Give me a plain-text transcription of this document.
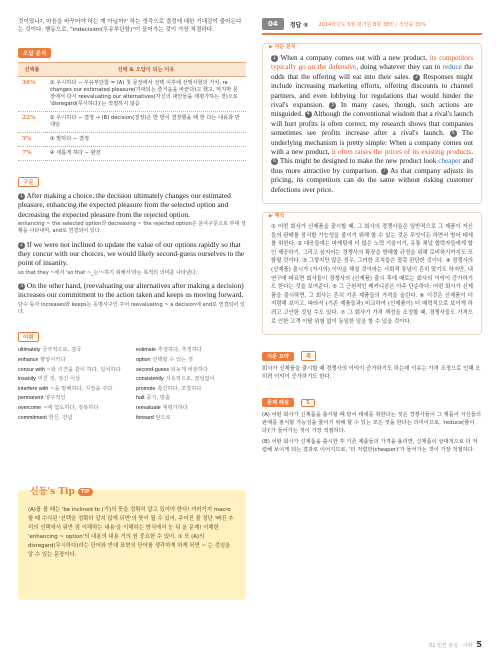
것이었나?, 마음을 바꾸어야 하는 게 아닐까?' 하는 생각으로 결정에 대한 기대감이 줄어든다는 것이다. 행동으로, "indecision(우유부단함)"이 들어가는 것이 가장 적절하다.

오답 분석
선택률	선택 & 오답이 되는 이유
36%	① 우시하다 − 우유부단함 = (A) 첫 문장에서 선택 이후에 선택사항의 가치, re changes our estimated pleasure(기대되는 즐거움을 바꾼다)고 했고, 마지막 문장에서 다시 reevaluating our alternatives(자신의 대안들을 재평가하는 것)으로 'disregard(무시하다)'는 적절하지 않음
22%	② 우시하다 − 결정 → (B) decision(결정)은 반 방이 결정했을 때 한 다는 내용과 반대임
5%	③ 발하다 − 결정
7%	④ 세롭게 하다 − 완전
구문

1 After making a choice, the decision ultimately changes our estimated pleasure, enhancing the expected pleasure from the selected option and decreasing the expected pleasure from the rejected option.

enhancing ~ the selected option과 decreasing ~ the rejected option은 분사구문으로 부대 상황을 나타내며, and로 연결되어 있다.

2 If we were not inclined to update the value of our options rapidly so that they concur with our choices, we would likely second-guess ourselves to the point of insanity.

so that they ~에서 'so that ~_는'~하기 위해서'라는 목적의 의미를 나타낸다.

3 On the other hand, (reevaluating our alternatives after making a decision) increases our commitment to the action taken and keeps us moving forward.

단수 동사 increases와 keeps는 동명사구인 주어 reevaluating ~ a decision에 and로 연결되어 있다.

어휘
ultimately 궁극적으로, 결국	estimate 추정하다, 추정하다
enhance 향상시키다	option 선택할 수 있는 것
concur with ~와 의견을 같이 하다, 일치하다	second-guess 뒤늦게 비판하다
insanity 미친 짓, 정신 이상	consistently 지속적으로, 끊임없이
interfere with ~을 방해하다, 지장을 주다	promote 촉진하다, 조장하다
permanent 영구적인	halt 중지, 멈춤
overcome ~에 압도하다, 정복하다	reevaluate 재평가하다
commitment 헌신, 전념	forward 앞으로
신동's Tip TIP

(A)를 볼 때는 'be inclined to (기)의 뜻을 정확히 알고 있어야 한다! 여러가지 macro 할 때 수식된 '선택을 정확히 알지 않게 되면'의 뜻이 될 수 있어, 주어진 볼 정단 '빠진 추리의 선택에서 위반 점 이해하는 내용'을 이해하는 방식에서 눈 뒤 올 문제! 이해한 'enhancing ~ option'의 내용의 내용 거의 원 중요한 수 있어. ① 또 (A)의 disregard(무시하다)라는 단어와 반대 표현의 단어를 생각하게 하게 되면 ~ 는 것임을 알 수 있는 문장이다.

04	정답 ⑤ 2014학년도 6월 평가원 B형 38번 / 정답률 35%
▶ 지문 분석

1 When a company comes out with a new product, its competitors typically go on the defensive, doing whatever they can to reduce the odds that the offering will eat into their sales. 2 Responses might include increasing marketing efforts, offering discounts to channel partners, and even lobbying for regulations that would hinder the rival's expansion. 3 In many cases, though, such actions are misguided. 4 Although the conventional wisdom that a rival's launch will hurt profits is often correct, my research shows that companies sometimes see profits increase after a rival's launch. 5 The underlying mechanism is pretty simple: When a company comes out with a new product, it often raises the prices of its existing products. 6 This might be designed to make the new product look cheaper and thus more attractive by comparison. 7 As that company adjusts its pricing, its competitors can do the same without risking customer defections over price.

▶ 해석

① 어떤 회사가 신제품을 출시할 때, 그 회사의 경쟁사들은 일반적으로 그 제품이 자신들의 판매를 잠식할 가능성을 줄이기 위해 할 수 있는 것은 무엇이든 하면서 방어 태세를 취한다. ② 대응들에는 마케팅에 더 많은 노력 기울이기, 유통 채널 협력자들에게 할인 제공하기, 그리고 심지어는 경쟁사의 확장을 방해할 규정을 위해 로비하기까지도 포함될 것이다. ③ 그렇지만 많은 경우, 그러한 조치들은 잘못 판단한 것이다. ④ 경쟁사의 (신제품) 출시가 (자사의) 이익을 해칠 것이라는 사회적 통념이 흔히 맞기도 하지만, 내 연구에 따르면 회사들이 경쟁사의 (신제품) 출시 후에 때로는 회사의 이익이 증가하기도 한다는 것을 보여준다. ⑤ 그 근원적인 메커니즘은 아주 단순하다: 어떤 회사가 신제품을 출시하면, 그 회사는 흔히 기존 제품들의 가격을 올린다. ⑥ 이것은 신제품이 더 저렴해 보이고, 따라서 (기존 제품들과) 비교하여 (신제품이) 더 매력적으로 보이게 하려고 고안한 것일 수도 있다. ⑦ 그 회사가 가격 책정을 조정할 때, 경쟁사들도 가격으로 인한 고객 이탈 위험 없이 동일한 일을 할 수 있을 것이다.

지문 요약	쪽

회사가 신제품을 출시할 때 경쟁사의 이익이 증가하기도 하는데 이유는 가격 조정으로 인해 오히려 이익이 증가하기도 한다.

문제 해설	5

(A) 어떤 회사가 신제품을 출시할 때 방어 태세를 취한다는 것은 경쟁사들이 그 제품이 자신들의 판매를 잠식할 가능성을 줄이기 위해 할 수 있는 모든 것을 한다는 의미이므로, 'reduce(줄이다)'가 들어가는 것이 가장 적절하다.

(B) 어떤 회사가 신제품을 출시한 후 기존 제품들의 가격을 올리면, 신제품이 상대적으로 더 저렴해 보이게 되는 결과로 이어지므로, '더 저렴한(cheaper)'가 들어가는 것이 가장 적절하다.

01 빈칸 완성 · 어휘 5
